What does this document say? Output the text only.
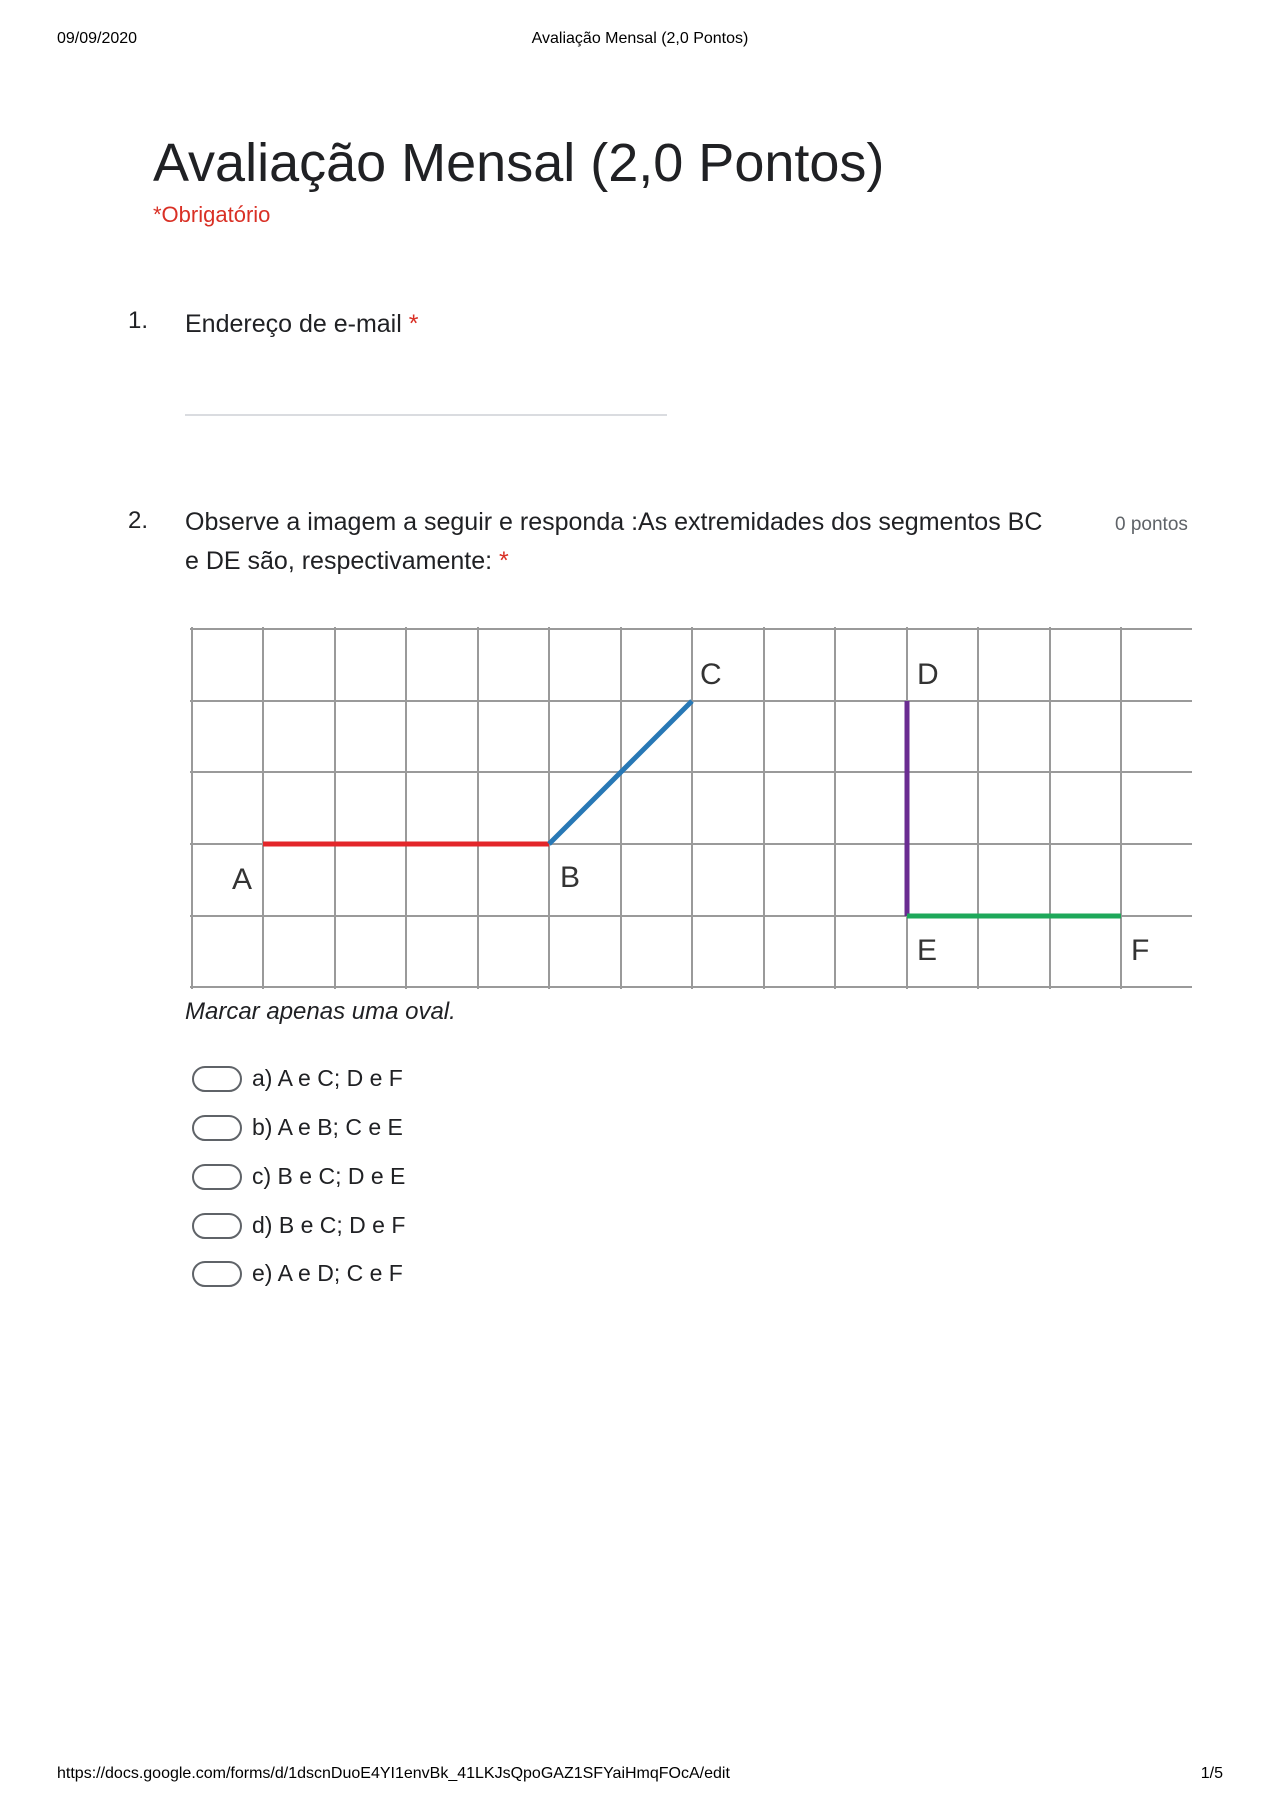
09/09/2020	Avaliação Mensal (2,0 Pontos)
Avaliação Mensal (2,0 Pontos)
*Obrigatório
1. Endereço de e-mail *
2. Observe a imagem a seguir e responda :As extremidades dos segmentos BC
e DE são, respectivamente: *
0 pontos
A	B
C	D
E	F
Marcar apenas uma oval.
a) A e C; D e F
b) A e B; C e E
c) B e C; D e E
d) B e C; D e F
e) A e D; C e F
https://docs.google.com/forms/d/1dscnDuoE4YI1envBk_41LKJsQpoGAZ1SFYaiHmqFOcA/edit	1/5
